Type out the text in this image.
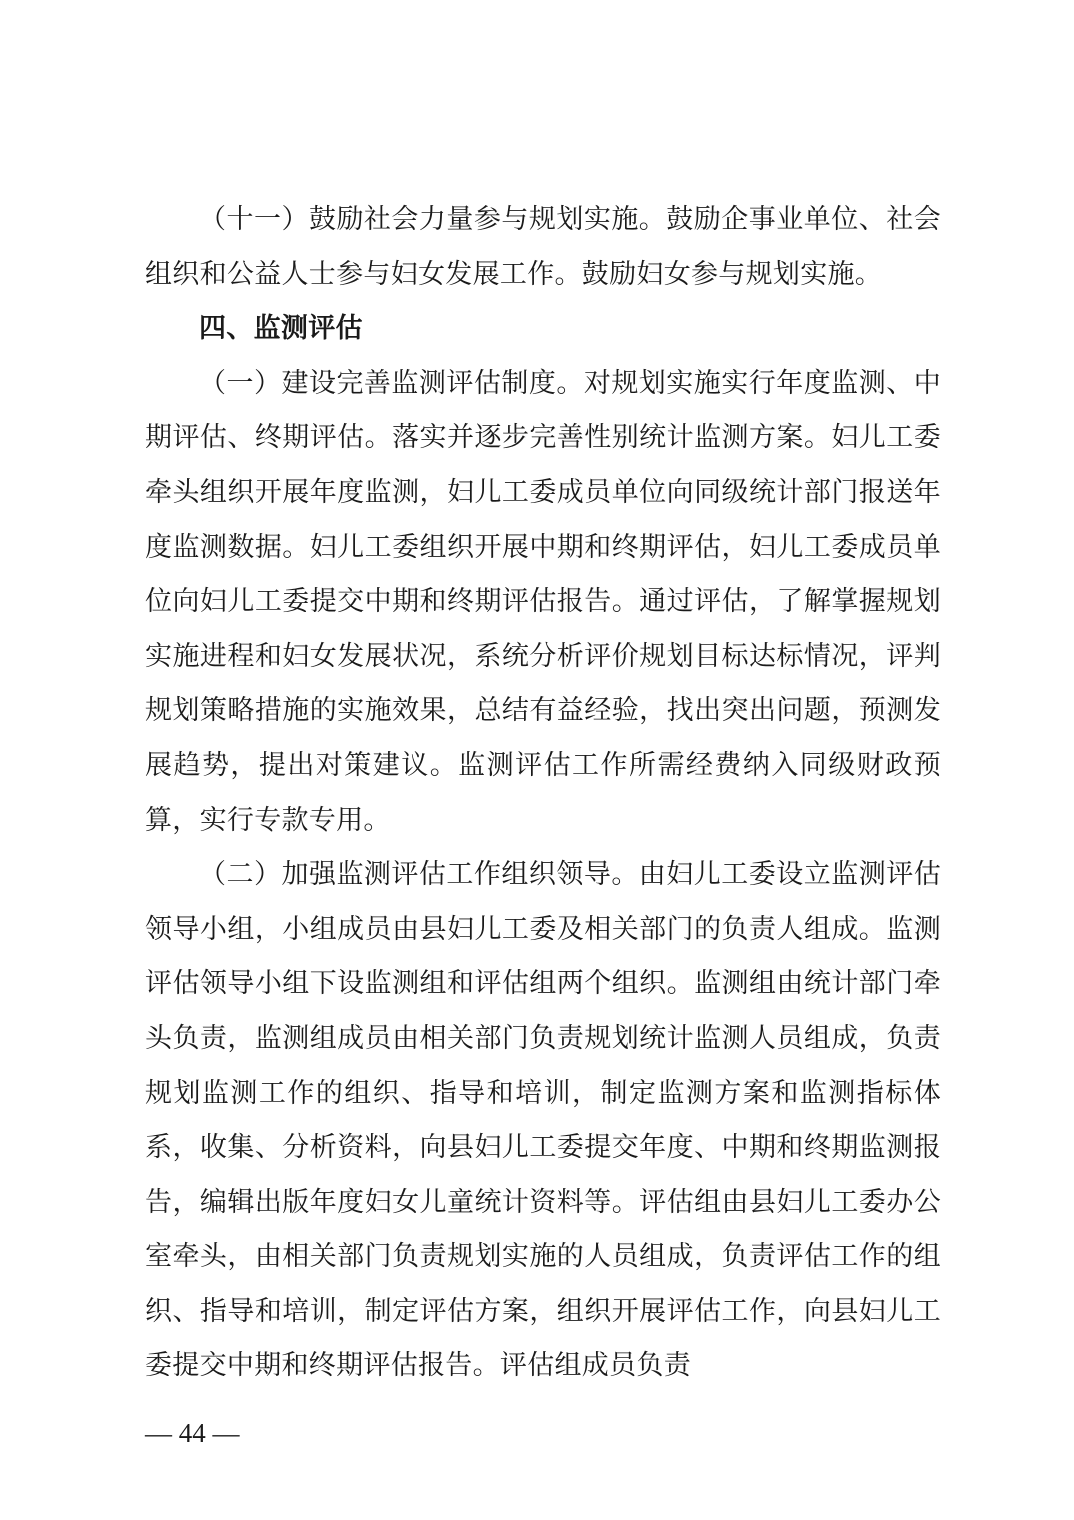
（十一）鼓励社会力量参与规划实施。鼓励企事业单位、社会组织和公益人士参与妇女发展工作。鼓励妇女参与规划实施。

四、监测评估

（一）建设完善监测评估制度。对规划实施实行年度监测、中期评估、终期评估。落实并逐步完善性别统计监测方案。妇儿工委牵头组织开展年度监测，妇儿工委成员单位向同级统计部门报送年度监测数据。妇儿工委组织开展中期和终期评估，妇儿工委成员单位向妇儿工委提交中期和终期评估报告。通过评估，了解掌握规划实施进程和妇女发展状况，系统分析评价规划目标达标情况，评判规划策略措施的实施效果，总结有益经验，找出突出问题，预测发展趋势，提出对策建议。监测评估工作所需经费纳入同级财政预算，实行专款专用。

（二）加强监测评估工作组织领导。由妇儿工委设立监测评估领导小组，小组成员由县妇儿工委及相关部门的负责人组成。监测评估领导小组下设监测组和评估组两个组织。监测组由统计部门牵头负责，监测组成员由相关部门负责规划统计监测人员组成，负责规划监测工作的组织、指导和培训，制定监测方案和监测指标体系，收集、分析资料，向县妇儿工委提交年度、中期和终期监测报告，编辑出版年度妇女儿童统计资料等。评估组由县妇儿工委办公室牵头，由相关部门负责规划实施的人员组成，负责评估工作的组织、指导和培训，制定评估方案，组织开展评估工作，向县妇儿工委提交中期和终期评估报告。评估组成员负责

— 44 —
